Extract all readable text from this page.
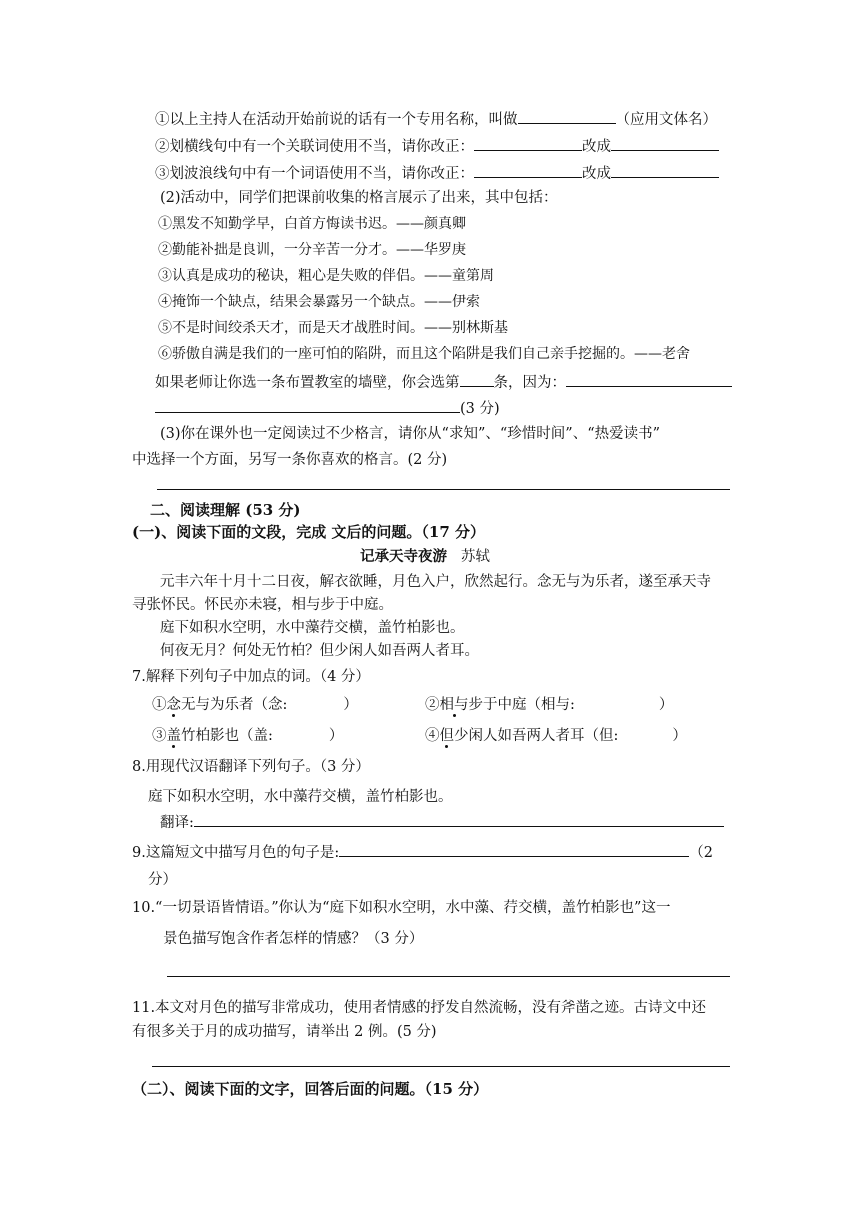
①以上主持人在活动开始前说的话有一个专用名称，叫做	（应用文体名）
②划横线句中有一个关联词使用不当，请你改正：	改成
③划波浪线句中有一个词语使用不当，请你改正：	改成
(2)活动中，同学们把课前收集的格言展示了出来，其中包括：
①黑发不知勤学早，白首方悔读书迟。——颜真卿
②勤能补拙是良训，一分辛苦一分才。——华罗庚
③认真是成功的秘诀，粗心是失败的伴侣。——童第周
④掩饰一个缺点，结果会暴露另一个缺点。——伊索
⑤不是时间绞杀天才，而是天才战胜时间。——别林斯基
⑥骄傲自满是我们的一座可怕的陷阱，而且这个陷阱是我们自己亲手挖掘的。——老舍
如果老师让你选一条布置教室的墙壁，你会选第 条，因为：
(3 分)
(3)你在课外也一定阅读过不少格言，请你从“求知”、“珍惜时间”、“热爱读书”
中选择一个方面，另写一条你喜欢的格言。(2 分)
二、阅读理解 (53 分)
(一)、阅读下面的文段，完成 文后的问题。（17 分）
记承天寺夜游 苏轼
元丰六年十月十二日夜，解衣欲睡，月色入户，欣然起行。念无与为乐者，遂至承天寺
寻张怀民。怀民亦未寝，相与步于中庭。
庭下如积水空明，水中藻荇交横，盖竹柏影也。
何夜无月？何处无竹柏？但少闲人如吾两人者耳。
7.解释下列句子中加点的词。（4 分）
①念无与为乐者（念:	）	②相与步于中庭（相与:	）
③盖竹柏影也（盖:	）	④但少闲人如吾两人者耳（但:	）
8.用现代汉语翻译下列句子。（3 分）
庭下如积水空明，水中藻荇交横，盖竹柏影也。
翻译:
9.这篇短文中描写月色的句子是:	（2
分）
10.“一切景语皆情语。”你认为“庭下如积水空明，水中藻、荇交横，盖竹柏影也”这一
景色描写饱含作者怎样的情感？（3 分）
11.本文对月色的描写非常成功，使用者情感的抒发自然流畅，没有斧凿之迹。古诗文中还
有很多关于月的成功描写，请举出 2 例。(5 分)
（二）、阅读下面的文字，回答后面的问题。（15 分）
